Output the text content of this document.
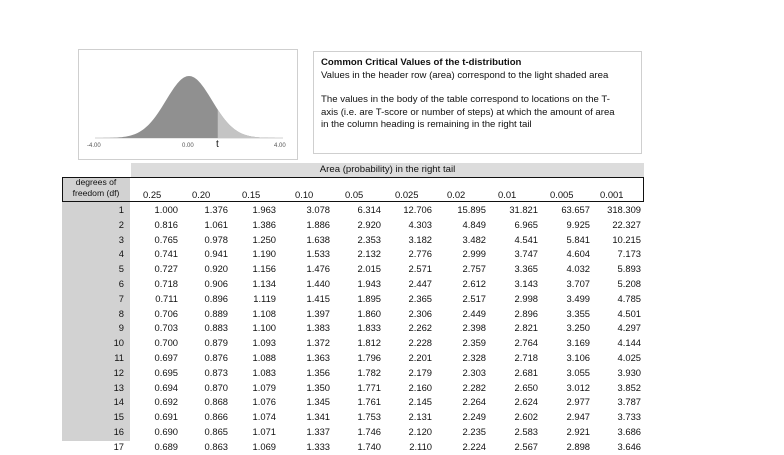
-4.00	0.00	4.00
t
Common Critical Values of the t-distribution
Values in the header row (area) correspond to the light shaded area
The values in the body of the table correspond to locations on the T-
axis (i.e. are T-score or number of steps) at which the amount of area
in the column heading is remaining in the right tail
Area (probability) in the right tail
degrees of
freedom (df)	0.25	0.20	0.15	0.10	0.05	0.025	0.02	0.01	0.005	0.001
1	1.000	1.376	1.963	3.078	6.314	12.706	15.895	31.821	63.657	318.309
2	0.816	1.061	1.386	1.886	2.920	4.303	4.849	6.965	9.925	22.327
3	0.765	0.978	1.250	1.638	2.353	3.182	3.482	4.541	5.841	10.215
4	0.741	0.941	1.190	1.533	2.132	2.776	2.999	3.747	4.604	7.173
5	0.727	0.920	1.156	1.476	2.015	2.571	2.757	3.365	4.032	5.893
6	0.718	0.906	1.134	1.440	1.943	2.447	2.612	3.143	3.707	5.208
7	0.711	0.896	1.119	1.415	1.895	2.365	2.517	2.998	3.499	4.785
8	0.706	0.889	1.108	1.397	1.860	2.306	2.449	2.896	3.355	4.501
9	0.703	0.883	1.100	1.383	1.833	2.262	2.398	2.821	3.250	4.297
10	0.700	0.879	1.093	1.372	1.812	2.228	2.359	2.764	3.169	4.144
11	0.697	0.876	1.088	1.363	1.796	2.201	2.328	2.718	3.106	4.025
12	0.695	0.873	1.083	1.356	1.782	2.179	2.303	2.681	3.055	3.930
13	0.694	0.870	1.079	1.350	1.771	2.160	2.282	2.650	3.012	3.852
14	0.692	0.868	1.076	1.345	1.761	2.145	2.264	2.624	2.977	3.787
15	0.691	0.866	1.074	1.341	1.753	2.131	2.249	2.602	2.947	3.733
16	0.690	0.865	1.071	1.337	1.746	2.120	2.235	2.583	2.921	3.686
17	0.689	0.863	1.069	1.333	1.740	2.110	2.224	2.567	2.898	3.646
